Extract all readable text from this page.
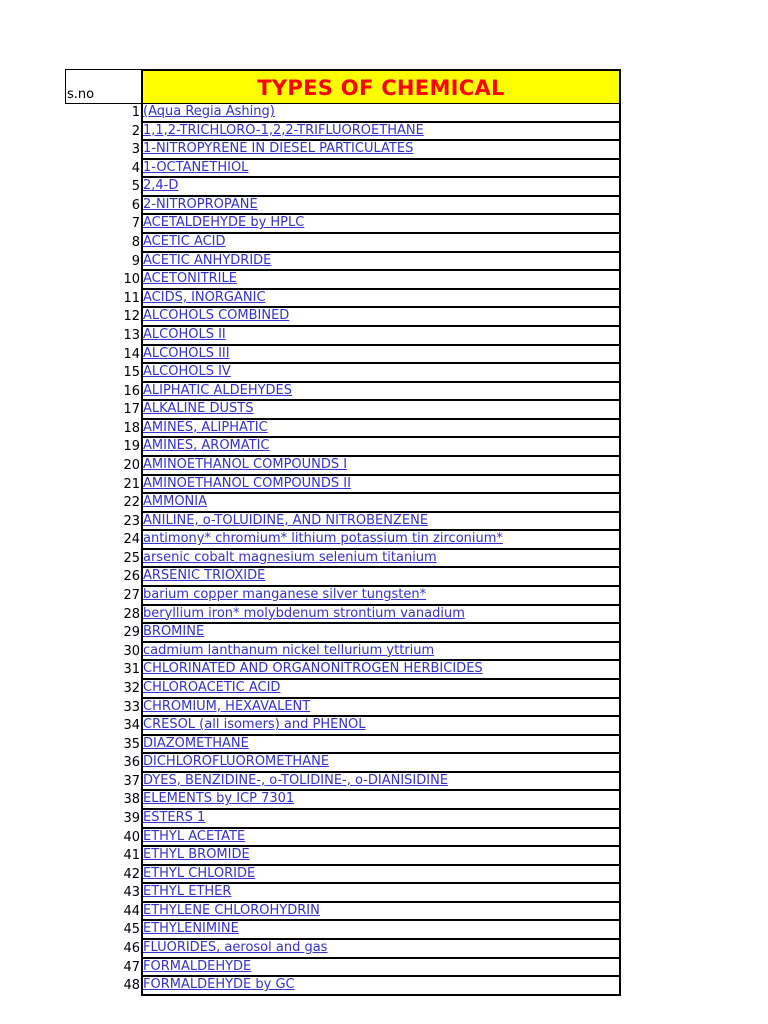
s.no	TYPES OF CHEMICAL
1 (Aqua Regia Ashing)
2 1,1,2-TRICHLORO-1,2,2-TRIFLUOROETHANE
3 1-NITROPYRENE IN DIESEL PARTICULATES
4 1-OCTANETHIOL
5 2,4-D
6 2-NITROPROPANE
7 ACETALDEHYDE by HPLC
8 ACETIC ACID
9 ACETIC ANHYDRIDE
10 ACETONITRILE
11 ACIDS, INORGANIC
12 ALCOHOLS COMBINED
13 ALCOHOLS II
14 ALCOHOLS III
15 ALCOHOLS IV
16 ALIPHATIC ALDEHYDES
17 ALKALINE DUSTS
18 AMINES, ALIPHATIC
19 AMINES, AROMATIC
20 AMINOETHANOL COMPOUNDS I
21 AMINOETHANOL COMPOUNDS II
22 AMMONIA
23 ANILINE, o-TOLUIDINE, AND NITROBENZENE
24 antimony* chromium* lithium potassium tin zirconium*
25 arsenic cobalt magnesium selenium titanium
26 ARSENIC TRIOXIDE
27 barium copper manganese silver tungsten*
28 beryllium iron* molybdenum strontium vanadium
29 BROMINE
30 cadmium lanthanum nickel tellurium yttrium
31 CHLORINATED AND ORGANONITROGEN HERBICIDES
32 CHLOROACETIC ACID
33 CHROMIUM, HEXAVALENT
34 CRESOL (all isomers) and PHENOL
35 DIAZOMETHANE
36 DICHLOROFLUOROMETHANE
37 DYES, BENZIDINE-, o-TOLIDINE-, o-DIANISIDINE
38 ELEMENTS by ICP 7301
39 ESTERS 1
40 ETHYL ACETATE
41 ETHYL BROMIDE
42 ETHYL CHLORIDE
43 ETHYL ETHER
44 ETHYLENE CHLOROHYDRIN
45 ETHYLENIMINE
46 FLUORIDES, aerosol and gas
47 FORMALDEHYDE
48 FORMALDEHYDE by GC
